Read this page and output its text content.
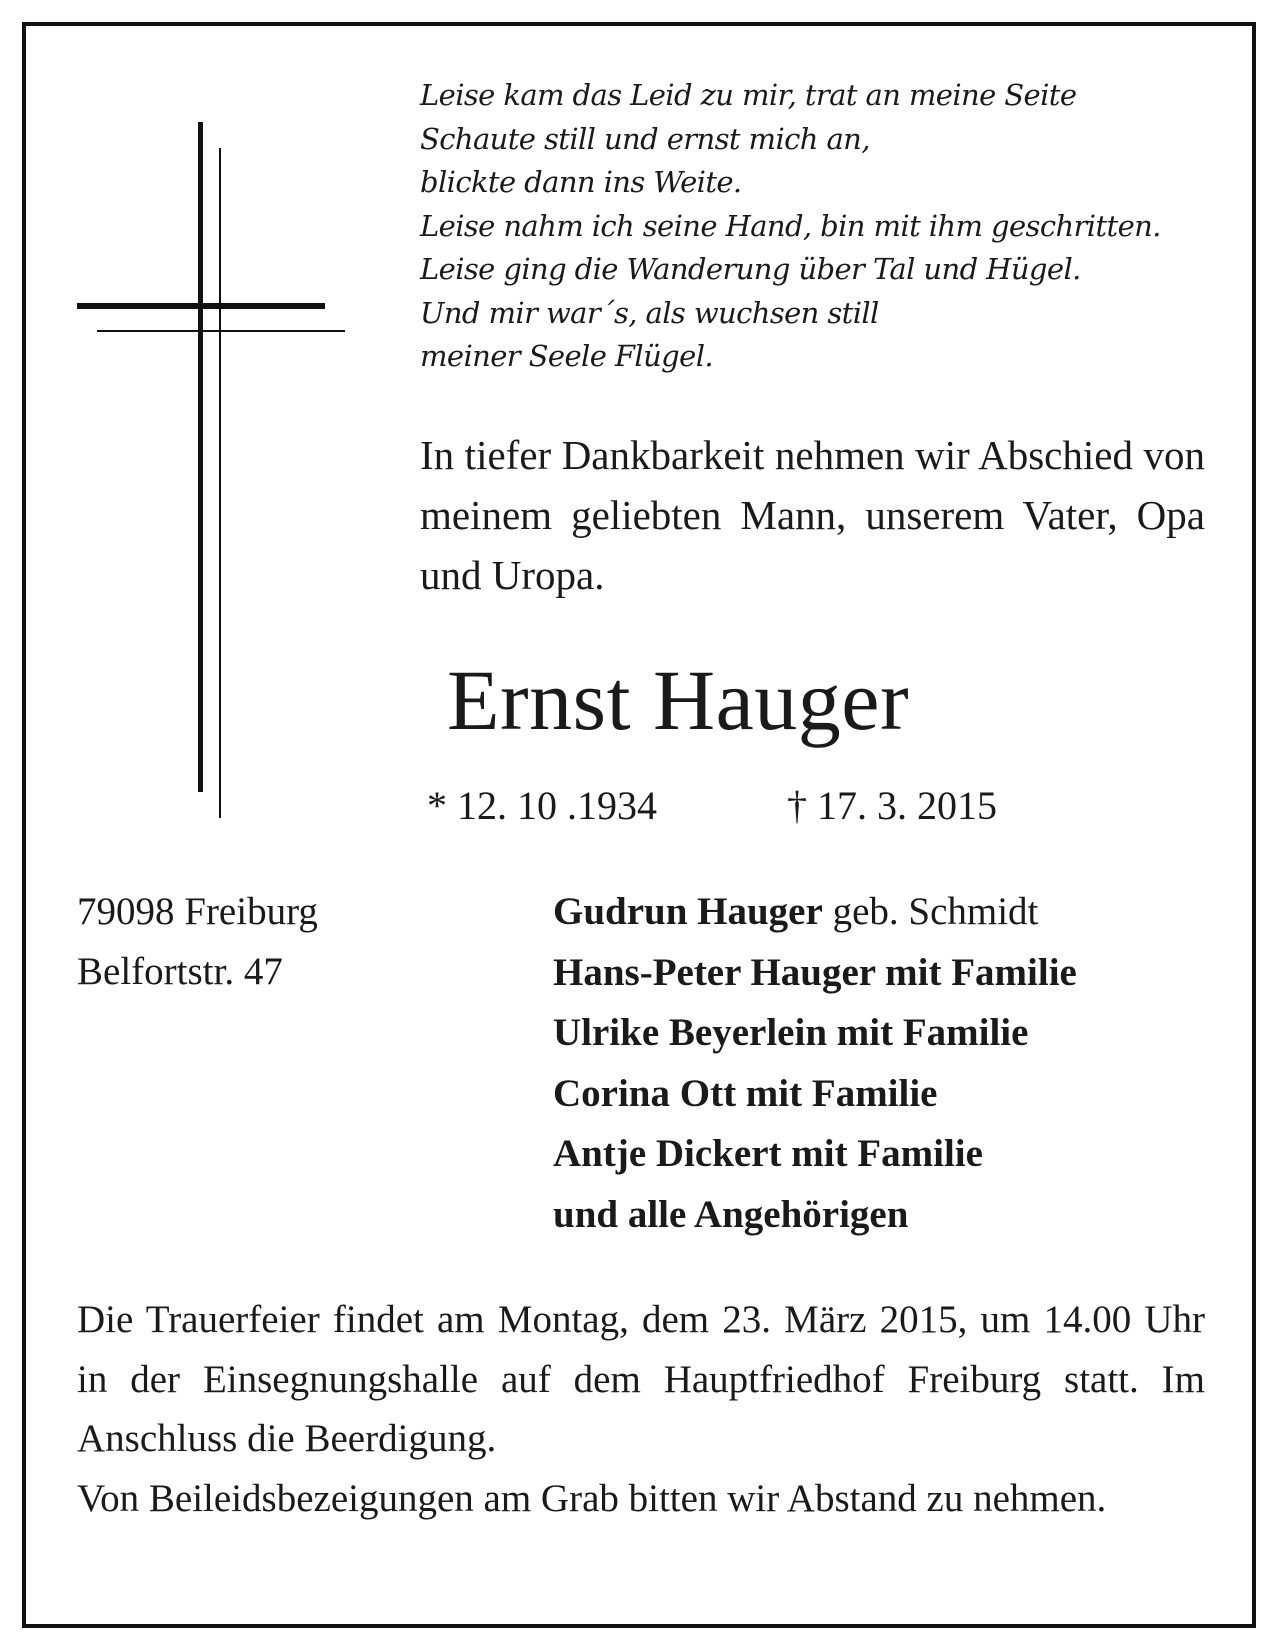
Leise kam das Leid zu mir, trat an meine Seite
Schaute still und ernst mich an,
blickte dann ins Weite.
Leise nahm ich seine Hand, bin mit ihm geschritten.
Leise ging die Wanderung über Tal und Hügel.
Und mir war´s, als wuchsen still
meiner Seele Flügel.

In tiefer Dankbarkeit nehmen wir Abschied von meinem geliebten Mann, unserem Vater, Opa und Uropa.

Ernst Hauger
* 12. 10 .1934	† 17. 3. 2015
79098 Freiburg
Belfortstr. 47
Gudrun Hauger geb. Schmidt
Hans-Peter Hauger mit Familie
Ulrike Beyerlein mit Familie
Corina Ott mit Familie
Antje Dickert mit Familie
und alle Angehörigen
Die Trauerfeier findet am Montag, dem 23. März 2015, um 14.00 Uhr in der Einsegnungshalle auf dem Hauptfriedhof Freiburg statt. Im Anschluss die Beerdigung.
Von Beileidsbezeigungen am Grab bitten wir Abstand zu nehmen.
